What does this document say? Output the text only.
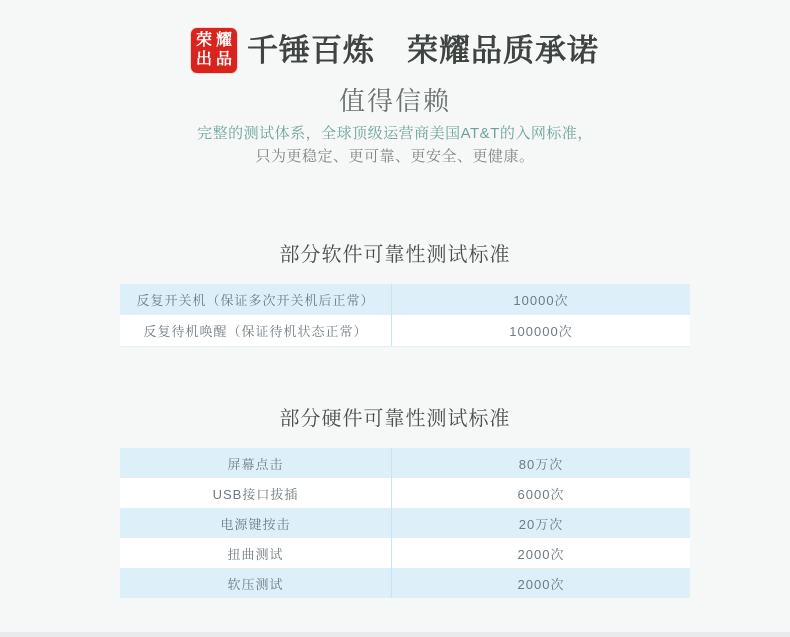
荣 耀
出 品 千锤百炼　荣耀品质承诺
值得信赖

完整的测试体系，全球顶级运营商美国AT&T的入网标准，

只为更稳定、更可靠、更安全、更健康。

部分软件可靠性测试标准
反复开关机（保证多次开关机后正常）	10000次
反复待机唤醒（保证待机状态正常）	100000次
部分硬件可靠性测试标准
屏幕点击	80万次
USB接口拔插	6000次
电源键按击	20万次
扭曲测试	2000次
软压测试	2000次
